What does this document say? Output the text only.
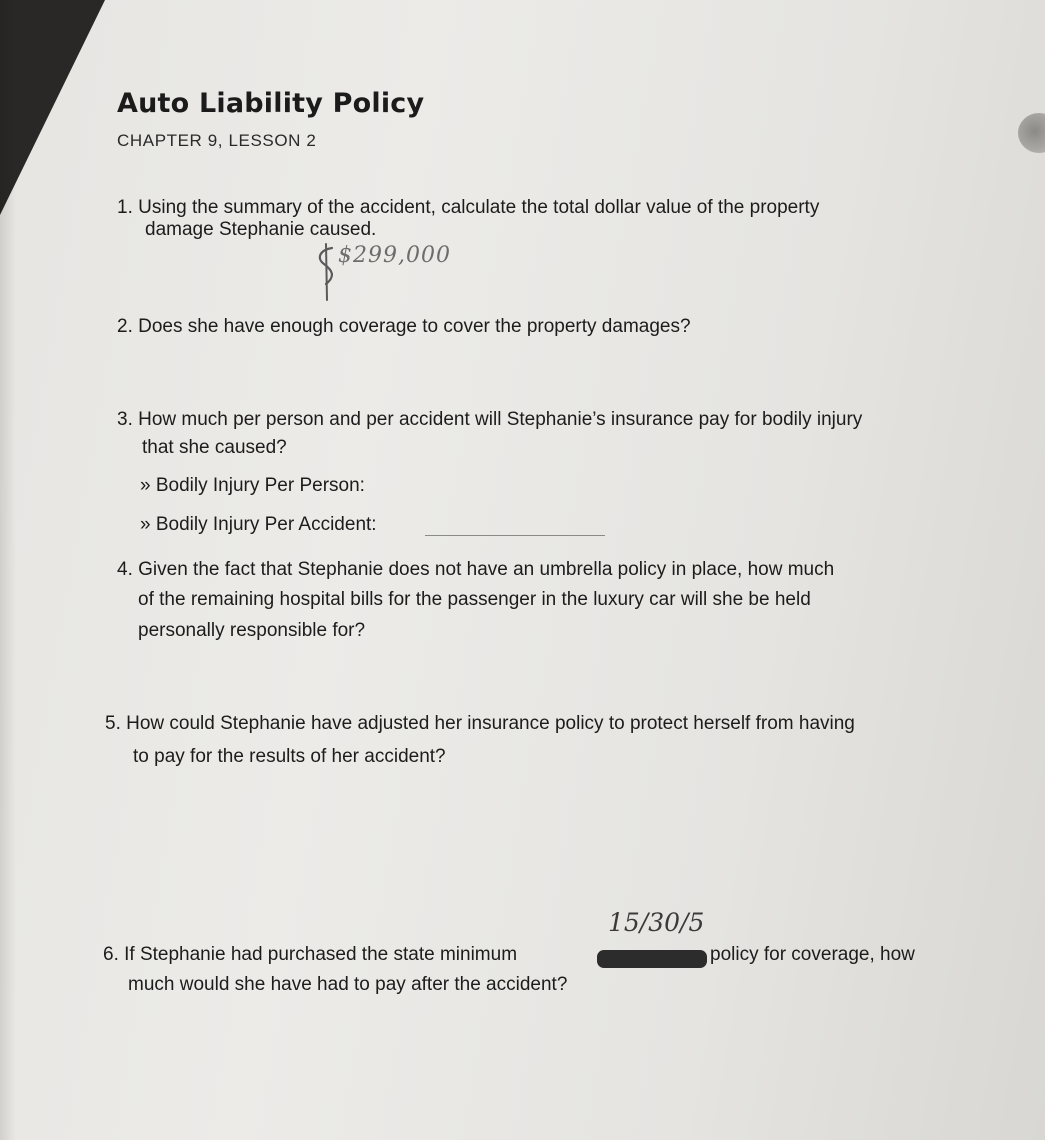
Auto Liability Policy
CHAPTER 9, LESSON 2
1. Using the summary of the accident, calculate the total dollar value of the property
damage Stephanie caused.
$299,000
2. Does she have enough coverage to cover the property damages?
3. How much per person and per accident will Stephanie’s insurance pay for bodily injury
that she caused?
» Bodily Injury Per Person:
» Bodily Injury Per Accident:
4. Given the fact that Stephanie does not have an umbrella policy in place, how much
of the remaining hospital bills for the passenger in the luxury car will she be held
personally responsible for?
5. How could Stephanie have adjusted her insurance policy to protect herself from having
to pay for the results of her accident?
15/30/5
6. If Stephanie had purchased the state minimum	policy for coverage, how
much would she have had to pay after the accident?
